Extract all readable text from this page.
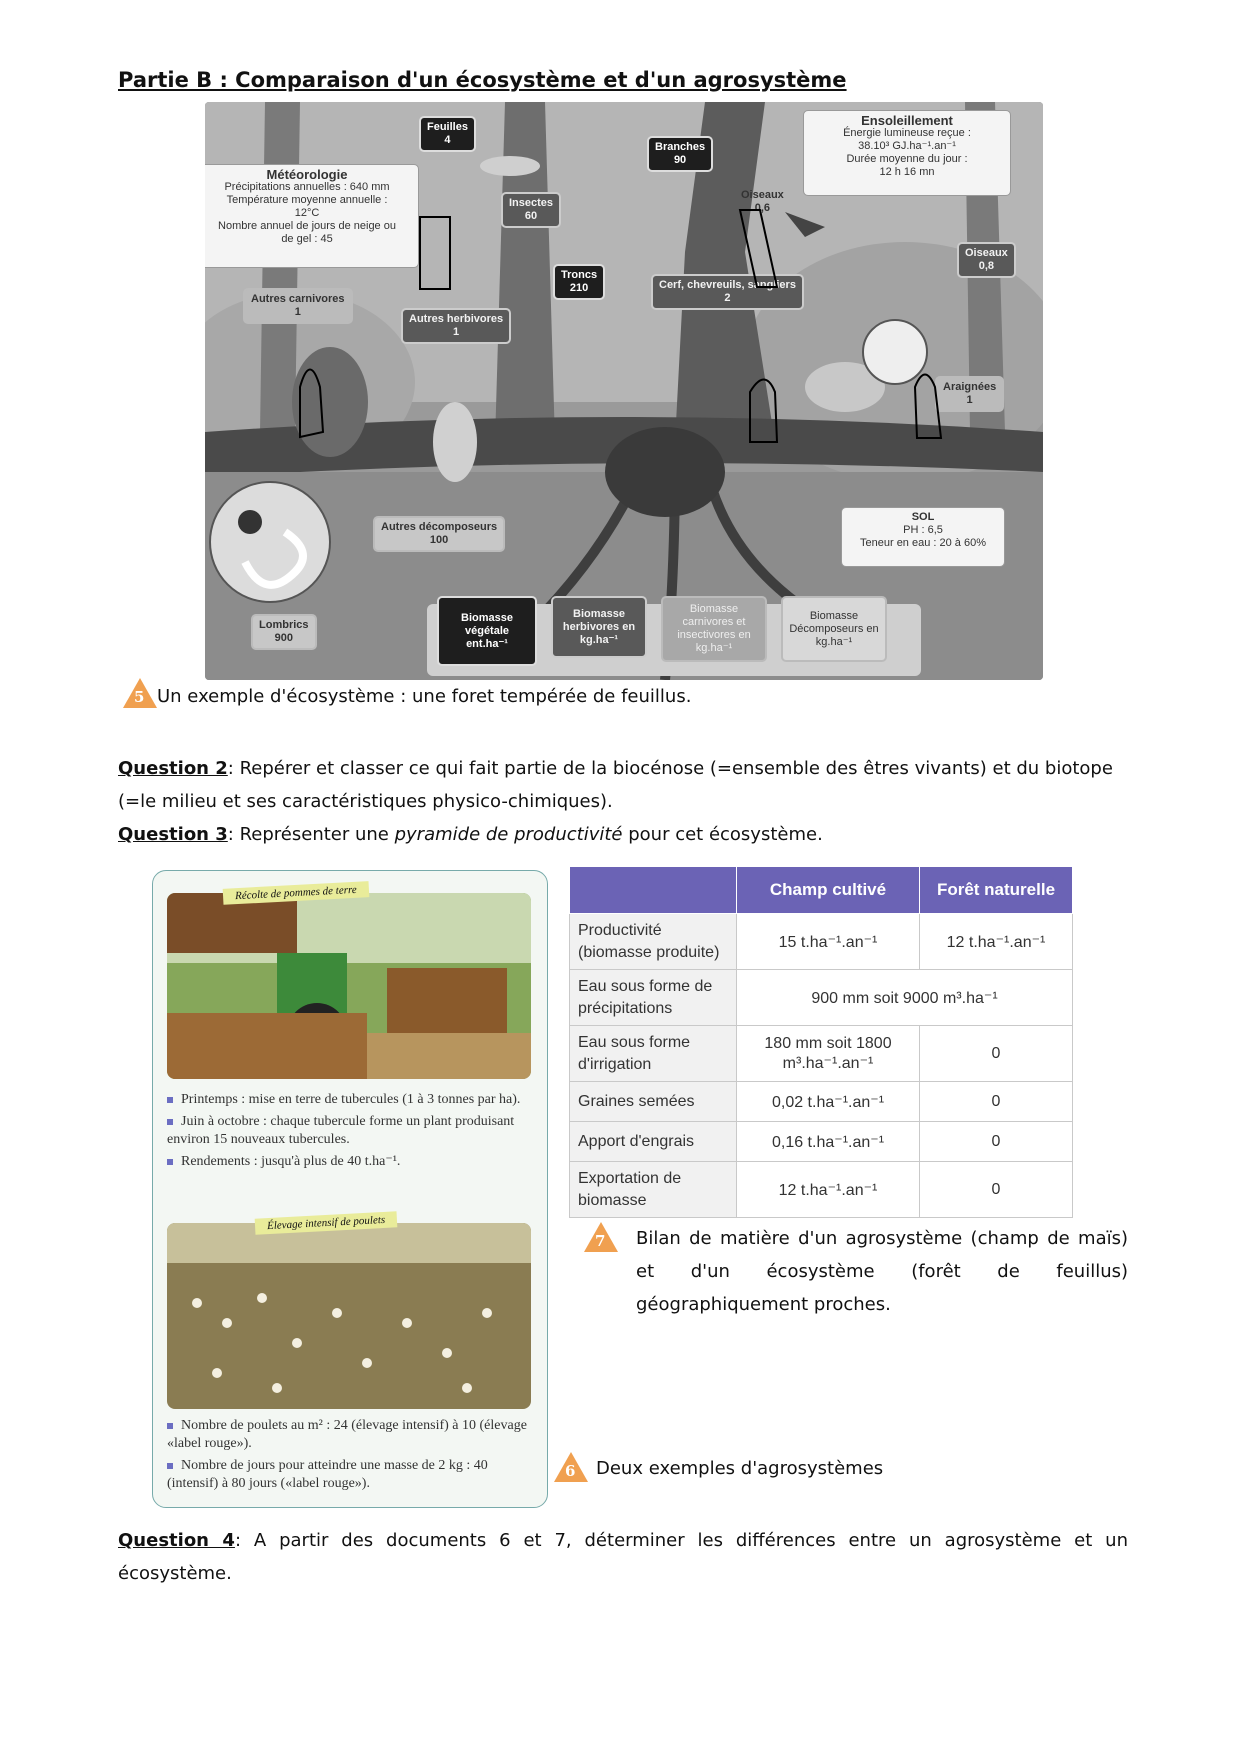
Partie B : Comparaison d'un écosystème et d'un agrosystème
Météorologie
Précipitations annuelles : 640 mm
Température moyenne annuelle :
12°C
Nombre annuel de jours de neige ou
de gel : 45
Ensoleillement
Énergie lumineuse reçue :
38.10³ GJ.ha⁻¹.an⁻¹
Durée moyenne du jour :
12 h 16 mn
SOL
PH : 6,5
Teneur en eau : 20 à 60%
Feuilles
4
Branches
90
Insectes
60
Troncs
210
Oiseaux
0,6
Oiseaux
0,8
Cerf, chevreuils, sangliers
2
Autres carnivores
1
Autres herbivores
1
Araignées
1
Autres décomposeurs
100
Lombrics
900
Biomasse végétale ent.ha⁻¹
Biomasse herbivores en kg.ha⁻¹
Biomasse carnivores et insectivores en kg.ha⁻¹
Biomasse Décomposeurs en kg.ha⁻¹
5 Un exemple d'écosystème : une foret tempérée de feuillus.
Question 2: Repérer et classer ce qui fait partie de la biocénose (=ensemble des êtres vivants) et du biotope (=le milieu et ses caractéristiques physico-chimiques).
Question 3: Représenter une pyramide de productivité pour cet écosystème.
Récolte de pommes de terre
Printemps : mise en terre de tubercules (1 à 3 tonnes par ha).
Juin à octobre : chaque tubercule forme un plant produisant environ 15 nouveaux tubercules.
Rendements : jusqu'à plus de 40 t.ha⁻¹.
Élevage intensif de poulets
Nombre de poulets au m² : 24 (élevage intensif) à 10 (élevage «label rouge»).
Nombre de jours pour atteindre une masse de 2 kg : 40 (intensif) à 80 jours («label rouge»).
	Champ cultivé	Forêt naturelle
Productivité (biomasse produite)	15 t.ha⁻¹.an⁻¹	12 t.ha⁻¹.an⁻¹
Eau sous forme de précipitations	900 mm soit 9000 m³.ha⁻¹	
Eau sous forme d'irrigation	180 mm soit 1800 m³.ha⁻¹.an⁻¹	0
Graines semées	0,02 t.ha⁻¹.an⁻¹	0
Apport d'engrais	0,16 t.ha⁻¹.an⁻¹	0
Exportation de biomasse	12 t.ha⁻¹.an⁻¹	0
7 Bilan de matière d'un agrosystème (champ de maïs) et d'un écosystème (forêt de feuillus) géographiquement proches.
6 Deux exemples d'agrosystèmes
Question 4: A partir des documents 6 et 7, déterminer les différences entre un agrosystème et un écosystème.
